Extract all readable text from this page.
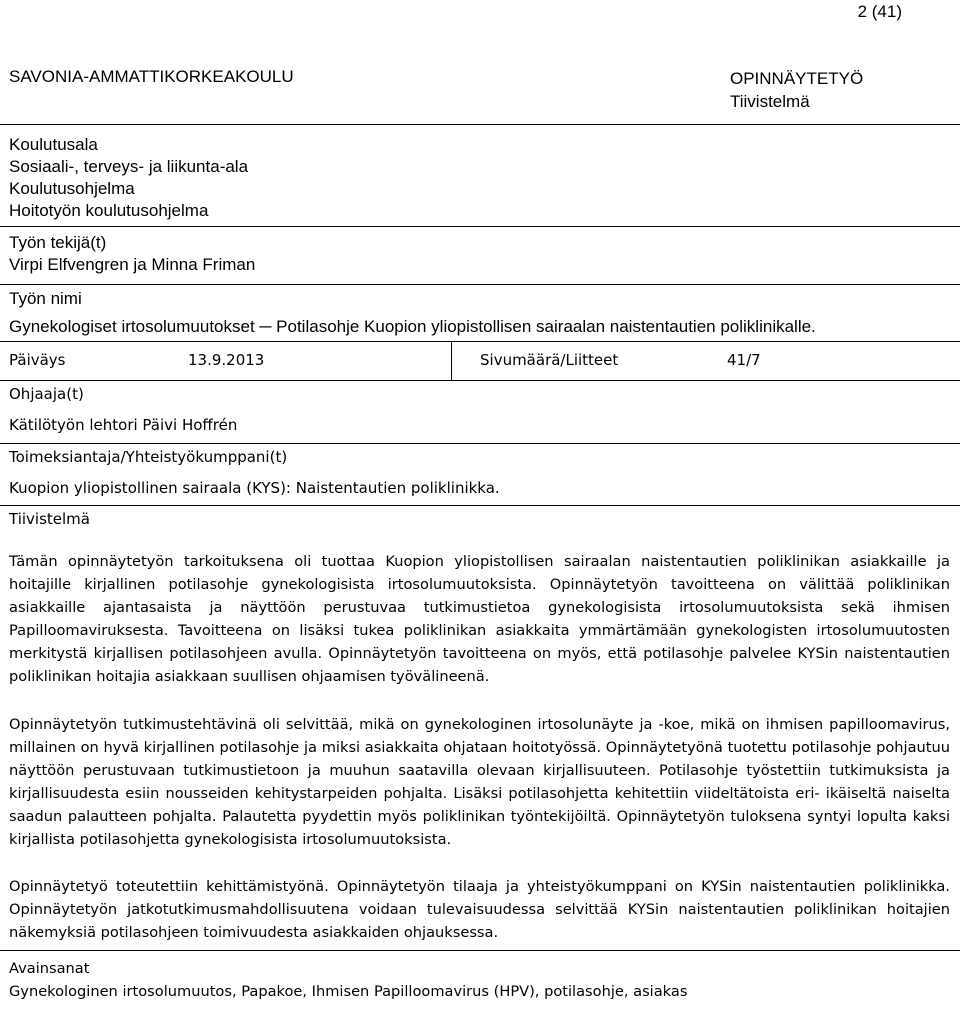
2 (41)
SAVONIA-AMMATTIKORKEAKOULU	OPINNÄYTETYÖ
Tiivistelmä
Koulutusala
Sosiaali-, terveys- ja liikunta-ala
Koulutusohjelma
Hoitotyön koulutusohjelma
Työn tekijä(t)
Virpi Elfvengren ja Minna Friman
Työn nimi
Gynekologiset irtosolumuutokset ─ Potilasohje Kuopion yliopistollisen sairaalan naistentautien poliklinikalle.
Päiväys	13.9.2013	Sivumäärä/Liitteet	41/7
Ohjaaja(t)
Kätilötyön lehtori Päivi Hoffrén
Toimeksiantaja/Yhteistyökumppani(t)
Kuopion yliopistollinen sairaala (KYS): Naistentautien poliklinikka.
Tiivistelmä

Tämän opinnäytetyön tarkoituksena oli tuottaa Kuopion yliopistollisen sairaalan naistentautien poliklinikan asiakkaille ja hoitajille kirjallinen potilasohje gynekologisista irtosolumuutoksista. Opinnäytetyön tavoitteena on välittää poliklinikan asiakkaille ajantasaista ja näyttöön perustuvaa tutkimustietoa gynekologisista irtosolumuutoksista sekä ihmisen Papilloomaviruksesta. Tavoitteena on lisäksi tukea poliklinikan asiakkaita ymmärtämään gynekologisten irtosolumuutosten merkitystä kirjallisen potilasohjeen avulla. Opinnäytetyön tavoitteena on myös, että potilasohje palvelee KYSin naistentautien poliklinikan hoitajia asiakkaan suullisen ohjaamisen työvälineenä.

Opinnäytetyön tutkimustehtävinä oli selvittää, mikä on gynekologinen irtosolunäyte ja -koe, mikä on ihmisen papilloomavirus, millainen on hyvä kirjallinen potilasohje ja miksi asiakkaita ohjataan hoitotyössä. Opinnäytetyönä tuotettu potilasohje pohjautuu näyttöön perustuvaan tutkimustietoon ja muuhun saatavilla olevaan kirjallisuuteen. Potilasohje työstettiin tutkimuksista ja kirjallisuudesta esiin nousseiden kehitystarpeiden pohjalta. Lisäksi potilasohjetta kehitettiin viideltätoista eri- ikäiseltä naiselta saadun palautteen pohjalta. Palautetta pyydettin myös poliklinikan työntekijöiltä. Opinnäytetyön tuloksena syntyi lopulta kaksi kirjallista potilasohjetta gynekologisista irtosolumuutoksista.

Opinnäytetyö toteutettiin kehittämistyönä. Opinnäytetyön tilaaja ja yhteistyökumppani on KYSin naistentautien poliklinikka. Opinnäytetyön jatkotutkimusmahdollisuutena voidaan tulevaisuudessa selvittää KYSin naistentautien poliklinikan hoitajien näkemyksiä potilasohjeen toimivuudesta asiakkaiden ohjauksessa.

Avainsanat
Gynekologinen irtosolumuutos, Papakoe, Ihmisen Papilloomavirus (HPV), potilasohje, asiakas
